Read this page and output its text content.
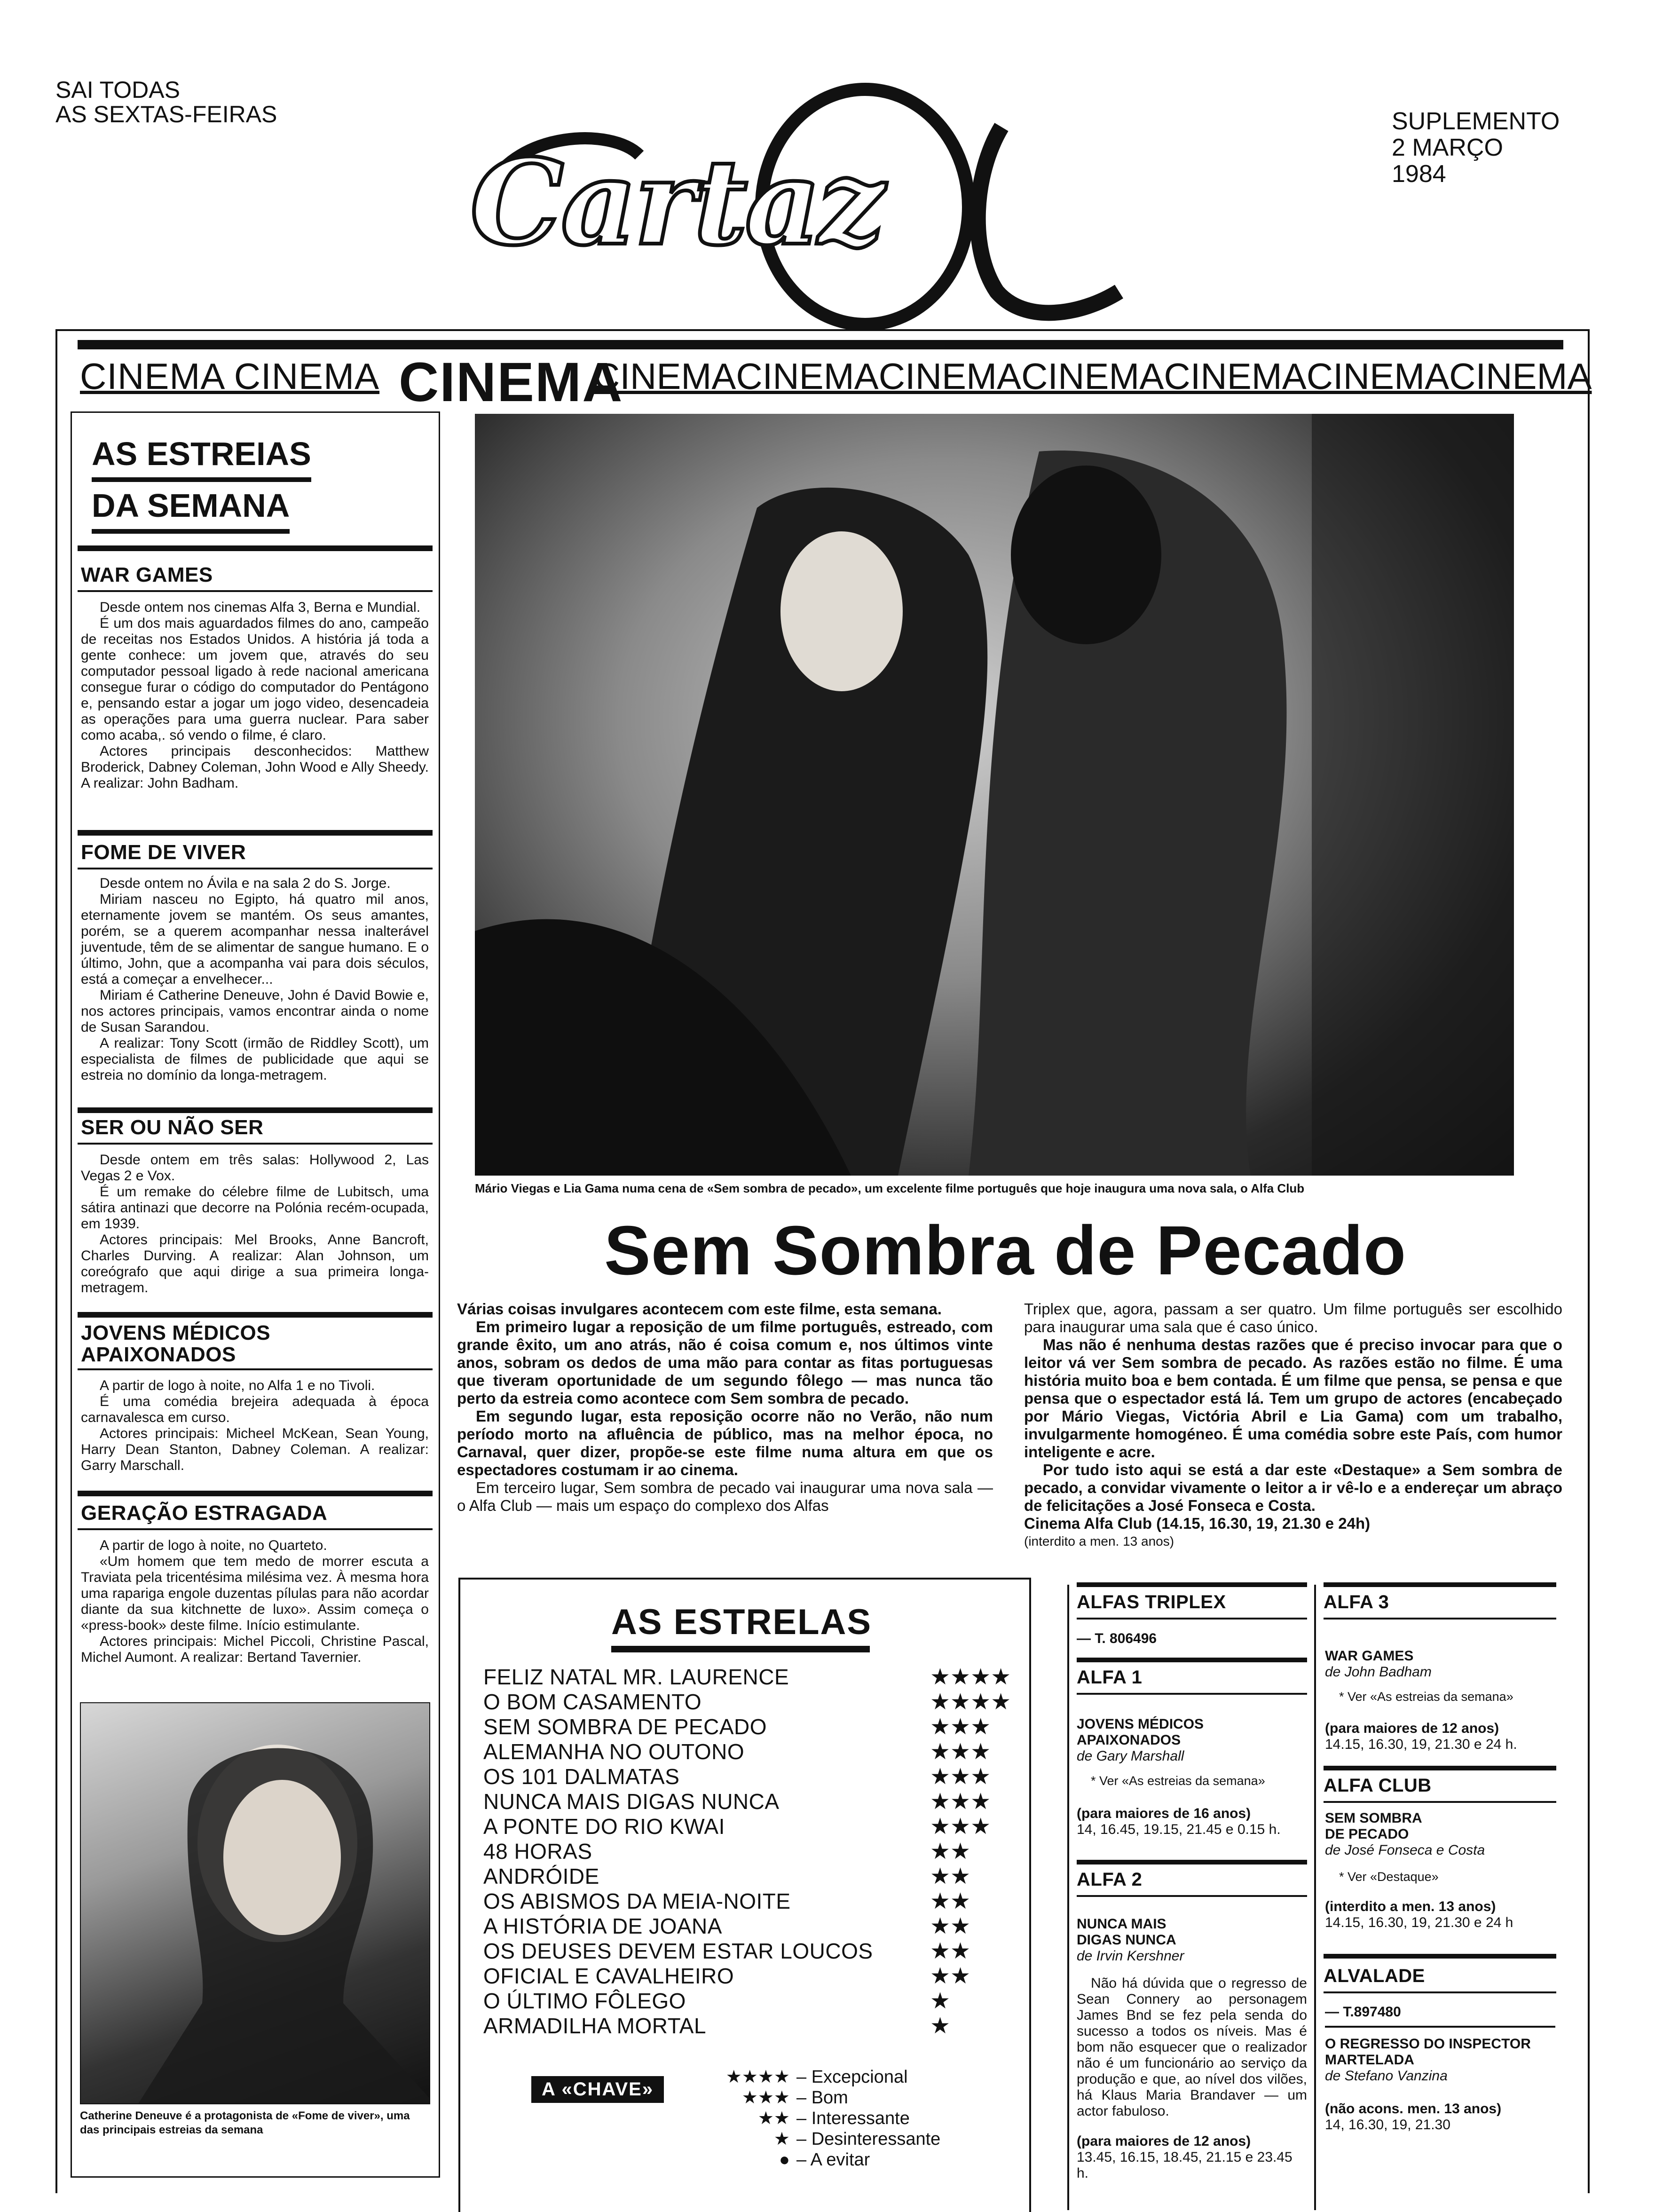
SAI TODAS
AS SEXTAS-FEIRAS
Cartaz
SUPLEMENTO
2 MARÇO
1984
CINEMA CINEMA CINEMA
CINEMACINEMACINEMACINEMACINEMACINEMACINEMA
AS ESTREIAS
DA SEMANA
WAR GAMES

Desde ontem nos cinemas Alfa 3, Berna e Mundial.

É um dos mais aguardados filmes do ano, campeão de receitas nos Estados Unidos. A história já toda a gente conhece: um jovem que, através do seu computador pessoal ligado à rede nacional americana consegue furar o código do computador do Pentágono e, pensando estar a jogar um jogo video, desencadeia as operações para uma guerra nuclear. Para saber como acaba,. só vendo o filme, é claro.

Actores principais desconhecidos: Matthew Broderick, Dabney Coleman, John Wood e Ally Sheedy. A realizar: John Badham.

FOME DE VIVER

Desde ontem no Ávila e na sala 2 do S. Jorge.

Miriam nasceu no Egipto, há quatro mil anos, eternamente jovem se mantém. Os seus amantes, porém, se a querem acompanhar nessa inalterável juventude, têm de se alimentar de sangue humano. E o último, John, que a acompanha vai para dois séculos, está a começar a envelhecer...

Miriam é Catherine Deneuve, John é David Bowie e, nos actores principais, vamos encontrar ainda o nome de Susan Sarandou.

A realizar: Tony Scott (irmão de Riddley Scott), um especialista de filmes de publicidade que aqui se estreia no domínio da longa-metragem.

SER OU NÃO SER

Desde ontem em três salas: Hollywood 2, Las Vegas 2 e Vox.

É um remake do célebre filme de Lubitsch, uma sátira antinazi que decorre na Polónia recém-ocupada, em 1939.

Actores principais: Mel Brooks, Anne Bancroft, Charles Durving. A realizar: Alan Johnson, um coreógrafo que aqui dirige a sua primeira longa-metragem.

JOVENS MÉDICOS APAIXONADOS

A partir de logo à noite, no Alfa 1 e no Tivoli.

É uma comédia brejeira adequada à época carnavalesca em curso.

Actores principais: Micheel McKean, Sean Young, Harry Dean Stanton, Dabney Coleman. A realizar: Garry Marschall.

GERAÇÃO ESTRAGADA

A partir de logo à noite, no Quarteto.

«Um homem que tem medo de morrer escuta a Traviata pela tricentésima milésima vez. À mesma hora uma rapariga engole duzentas pílulas para não acordar diante da sua kitchnette de luxo». Assim começa o «press-book» deste filme. Início estimulante.

Actores principais: Michel Piccoli, Christine Pascal, Michel Aumont. A realizar: Bertand Tavernier.

Catherine Deneuve é a protagonista de «Fome de viver», uma das principais estreias da semana
Mário Viegas e Lia Gama numa cena de «Sem sombra de pecado», um excelente filme português que hoje inaugura uma nova sala, o Alfa Club
Sem Sombra de Pecado

Várias coisas invulgares acontecem com este filme, esta semana.

Em primeiro lugar a reposição de um filme português, estreado, com grande êxito, um ano atrás, não é coisa comum e, nos últimos vinte anos, sobram os dedos de uma mão para contar as fitas portuguesas que tiveram oportunidade de um segundo fôlego — mas nunca tão perto da estreia como acontece com Sem sombra de pecado.

Em segundo lugar, esta reposição ocorre não no Verão, não num período morto na afluência de público, mas na melhor época, no Carnaval, quer dizer, propõe-se este filme numa altura em que os espectadores costumam ir ao cinema.

Em terceiro lugar, Sem sombra de pecado vai inaugurar uma nova sala — o Alfa Club — mais um espaço do complexo dos Alfas

Triplex que, agora, passam a ser quatro. Um filme português ser escolhido para inaugurar uma sala que é caso único.

Mas não é nenhuma destas razões que é preciso invocar para que o leitor vá ver Sem sombra de pecado. As razões estão no filme. É uma história muito boa e bem contada. É um filme que pensa, se pensa e que pensa que o espectador está lá. Tem um grupo de actores (encabeçado por Mário Viegas, Victória Abril e Lia Gama) com um trabalho, invulgarmente homogéneo. É uma comédia sobre este País, com humor inteligente e acre.

Por tudo isto aqui se está a dar este «Destaque» a Sem sombra de pecado, a convidar vivamente o leitor a ir vê-lo e a endereçar um abraço de felicitações a José Fonseca e Costa.

Cinema Alfa Club (14.15, 16.30, 19, 21.30 e 24h)

(interdito a men. 13 anos)

AS ESTRELAS
FELIZ NATAL MR. LAURENCE	★★★★
O BOM CASAMENTO	★★★★
SEM SOMBRA DE PECADO	★★★
ALEMANHA NO OUTONO	★★★
OS 101 DALMATAS	★★★
NUNCA MAIS DIGAS NUNCA	★★★
A PONTE DO RIO KWAI	★★★
48 HORAS	★★
ANDRÓIDE	★★
OS ABISMOS DA MEIA-NOITE	★★
A HISTÓRIA DE JOANA	★★
OS DEUSES DEVEM ESTAR LOUCOS	★★
OFICIAL E CAVALHEIRO	★★
O ÚLTIMO FÔLEGO	★
ARMADILHA MORTAL	★
A «CHAVE»
★★★★ – Excepcional
★★★ – Bom
★★ – Interessante
★ – Desinteressante
● – A evitar
ALFAS TRIPLEX
— T. 806496
ALFA 1
JOVENS MÉDICOS
APAIXONADOS
de Gary Marshall
* Ver «As estreias da semana»
(para maiores de 16 anos)
14, 16.45, 19.15, 21.45 e 0.15 h.
ALFA 2
NUNCA MAIS
DIGAS NUNCA
de Irvin Kershner
Não há dúvida que o regresso de Sean Connery ao personagem James Bnd se fez pela senda do sucesso a todos os níveis. Mas é bom não esquecer que o realizador não é um funcionário ao serviço da produção e que, ao nível dos vilões, há Klaus Maria Brandaver — um actor fabuloso.
(para maiores de 12 anos)
13.45, 16.15, 18.45, 21.15 e 23.45 h.
ALFA 3
WAR GAMES
de John Badham
* Ver «As estreias da semana»
(para maiores de 12 anos)
14.15, 16.30, 19, 21.30 e 24 h.
ALFA CLUB
SEM SOMBRA
DE PECADO
de José Fonseca e Costa
* Ver «Destaque»
(interdito a men. 13 anos)
14.15, 16.30, 19, 21.30 e 24 h
ALVALADE
— T.897480
O REGRESSO DO INSPECTOR
MARTELADA
de Stefano Vanzina
(não acons. men. 13 anos)
14, 16.30, 19, 21.30
